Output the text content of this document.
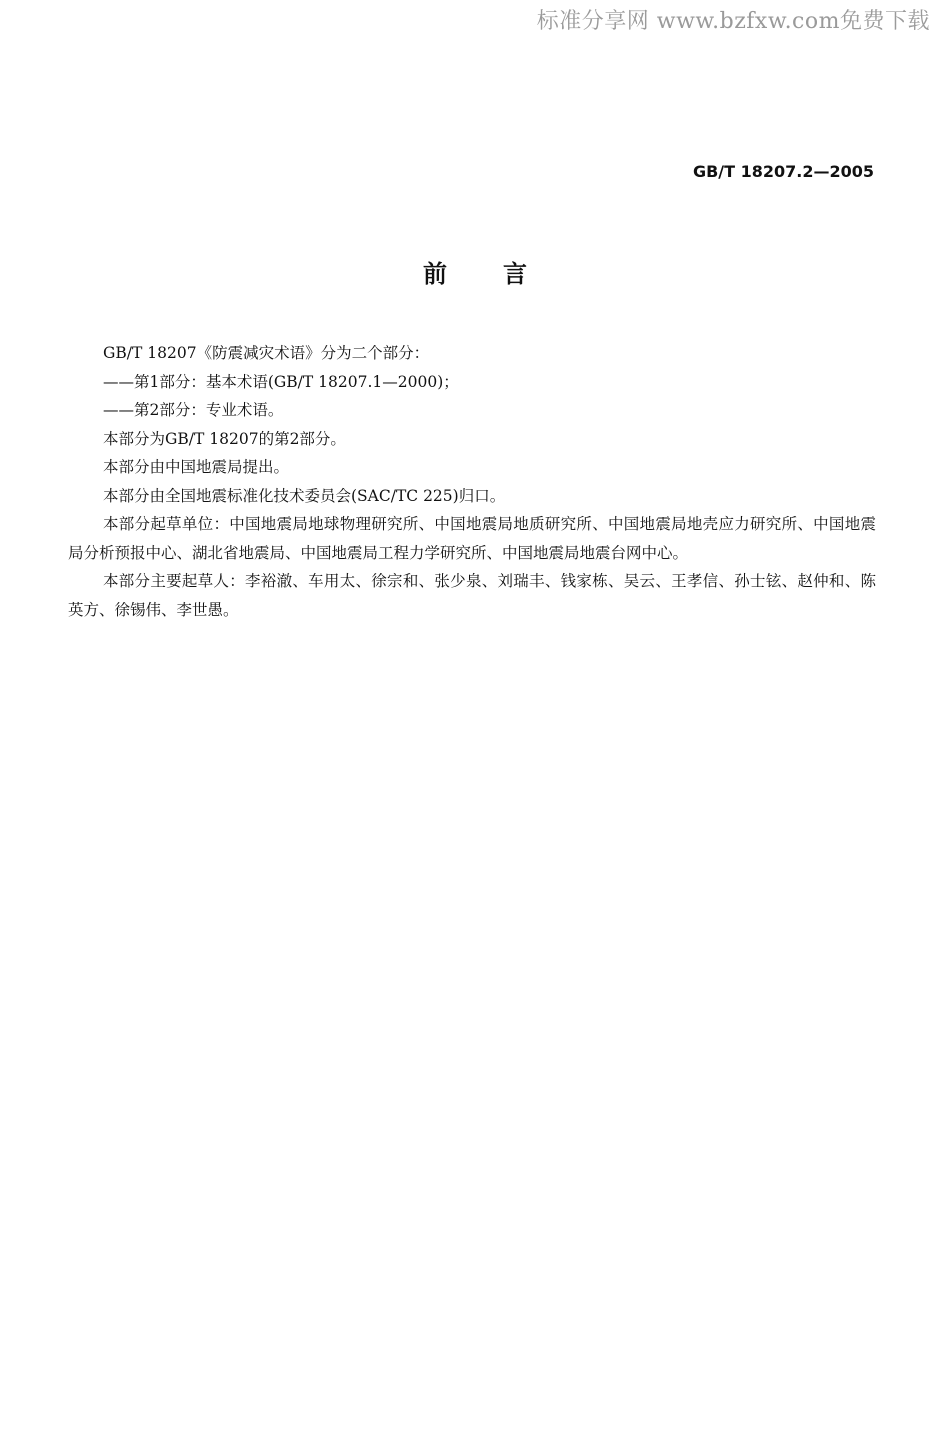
标准分享网 www.bzfxw.com免费下载
GB/T 18207.2—2005
前言

GB/T 18207《防震减灾术语》分为二个部分：

——第1部分：基本术语(GB/T 18207.1—2000)；

——第2部分：专业术语。

本部分为GB/T 18207的第2部分。

本部分由中国地震局提出。

本部分由全国地震标准化技术委员会(SAC/TC 225)归口。

本部分起草单位：中国地震局地球物理研究所、中国地震局地质研究所、中国地震局地壳应力研究所、中国地震局分析预报中心、湖北省地震局、中国地震局工程力学研究所、中国地震局地震台网中心。

本部分主要起草人：李裕澈、车用太、徐宗和、张少泉、刘瑞丰、钱家栋、吴云、王孝信、孙士铉、赵仲和、陈英方、徐锡伟、李世愚。
